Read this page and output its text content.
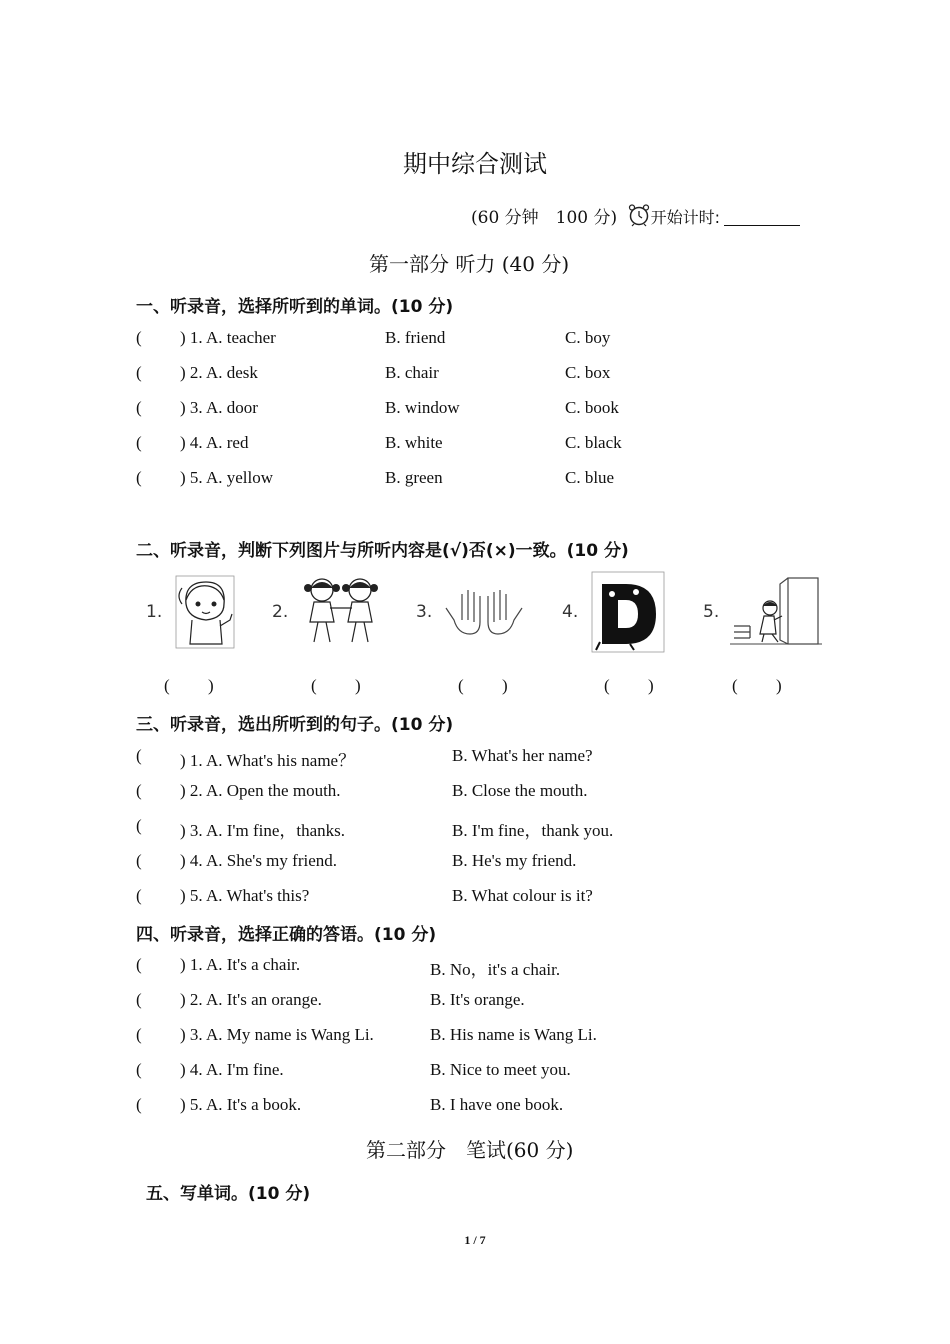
期中综合测试
(60 分钟　100 分) 开始计时:
第一部分 听力 (40 分)
一、听录音，选择所听到的单词。(10 分)
( ) 1. A. teacher	B. friend	C. boy
( ) 2. A. desk	B. chair	C. box
( ) 3. A. door	B. window	C. book
( ) 4. A. red	B. white	C. black
( ) 5. A. yellow	B. green	C. blue
二、听录音，判断下列图片与所听内容是(√)否(×)一致。(10 分)
1.	2.	3.	4.	5.
( )	( )	( )	( )	( )
三、听录音，选出所听到的句子。(10 分)
( ) 1. A. What's his name？	B. What's her name?
( ) 2. A. Open the mouth.	B. Close the mouth.
( ) 3. A. I'm fine，thanks.	B. I'm fine，thank you.
( ) 4. A. She's my friend.	B. He's my friend.
( ) 5. A. What's this?	B. What colour is it?
四、听录音，选择正确的答语。(10 分)
( ) 1. A. It's a chair.	B. No，it's a chair.
( ) 2. A. It's an orange.	B. It's orange.
( ) 3. A. My name is Wang Li.	B. His name is Wang Li.
( ) 4. A. I'm fine.	B. Nice to meet you.
( ) 5. A. It's a book.	B. I have one book.
第二部分　笔试(60 分)
五、写单词。(10 分)
1 / 7
